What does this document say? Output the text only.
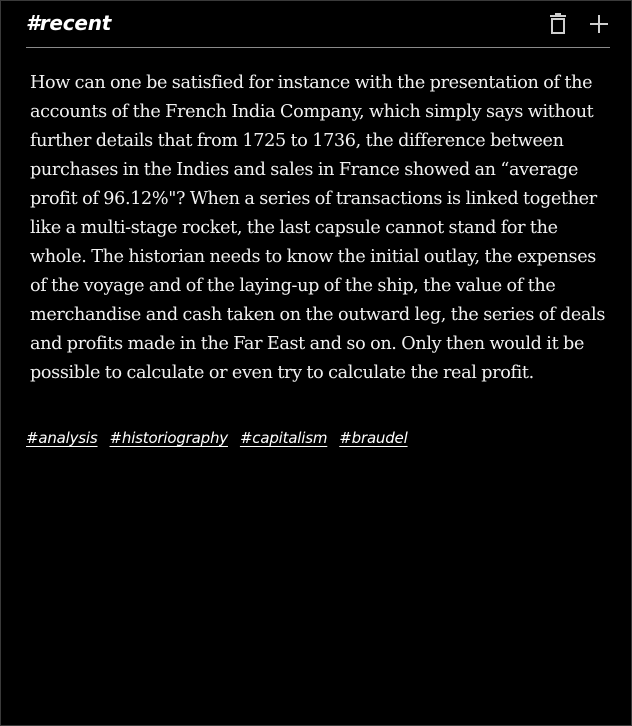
#recent
How can one be satisfied for instance with the presentation of the accounts of the French India Company, which simply says without further details that from 1725 to 1736, the difference between purchases in the Indies and sales in France showed an “average profit of 96.12%"? When a series of transactions is linked together like a multi-stage rocket, the last capsule cannot stand for the whole. The historian needs to know the initial outlay, the expenses of the voyage and of the laying-up of the ship, the value of the merchandise and cash taken on the outward leg, the series of deals and profits made in the Far East and so on. Only then would it be possible to calculate or even try to calculate the real profit.
#analysis #historiography #capitalism #braudel
